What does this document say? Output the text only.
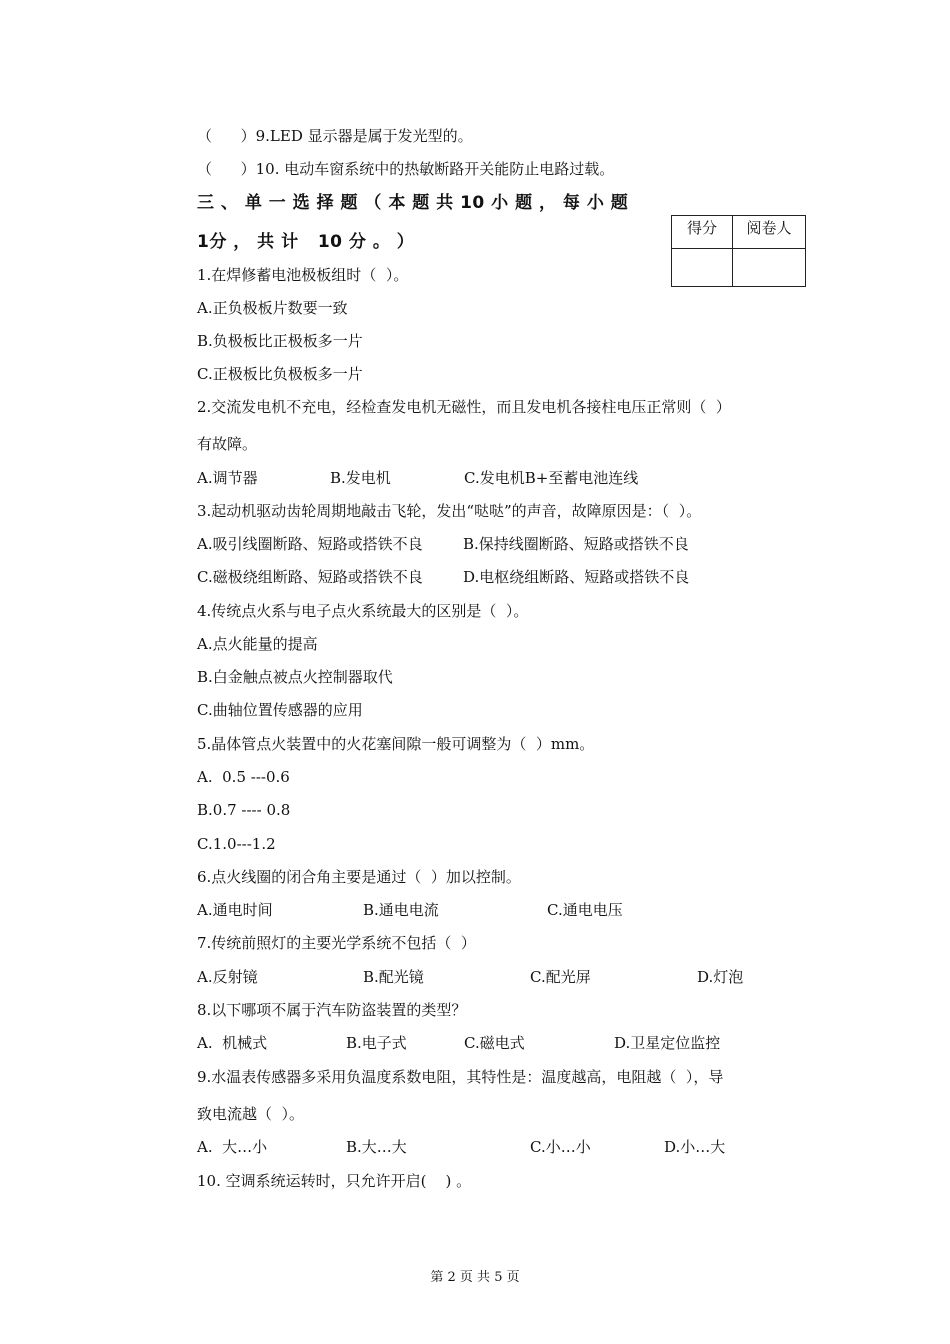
（      ）9.LED 显示器是属于发光型的。
（      ）10. 电动车窗系统中的热敏断路开关能防止电路过载。
三 、 单 一 选 择 题 （ 本 题 共 10 小 题 ， 每 小 题
1分 ， 共 计   10 分 。 ）
得分	阅卷人

1.在焊修蓄电池极板组时（  ）。
A.正负极板片数要一致
B.负极板比正极板多一片
C.正极板比负极板多一片
2.交流发电机不充电，经检查发电机无磁性，而且发电机各接柱电压正常则（  ）
有故障。
A.调节器	B.发电机	C.发电机B+至蓄电池连线
3.起动机驱动齿轮周期地敲击飞轮，发出“哒哒”的声音，故障原因是：（  ）。
A.吸引线圈断路、短路或搭铁不良	B.保持线圈断路、短路或搭铁不良
C.磁极绕组断路、短路或搭铁不良	D.电枢绕组断路、短路或搭铁不良
4.传统点火系与电子点火系统最大的区别是（  ）。
A.点火能量的提高
B.白金触点被点火控制器取代
C.曲轴位置传感器的应用
5.晶体管点火装置中的火花塞间隙一般可调整为（  ）mm。
A.  0.5 ---0.6
B.0.7 ---- 0.8
C.1.0---1.2
6.点火线圈的闭合角主要是通过（  ）加以控制。
A.通电时间	B.通电电流	C.通电电压
7.传统前照灯的主要光学系统不包括（  ）
A.反射镜	B.配光镜	C.配光屏	D.灯泡
8.以下哪项不属于汽车防盗装置的类型？
A.  机械式	B.电子式	C.磁电式	D.卫星定位监控
9.水温表传感器多采用负温度系数电阻，其特性是：温度越高，电阻越（  ），导
致电流越（  ）。
A.  大…小	B.大…大	C.小…小	D.小…大
10. 空调系统运转时，只允许开启(    ) 。
第 2 页 共 5 页
